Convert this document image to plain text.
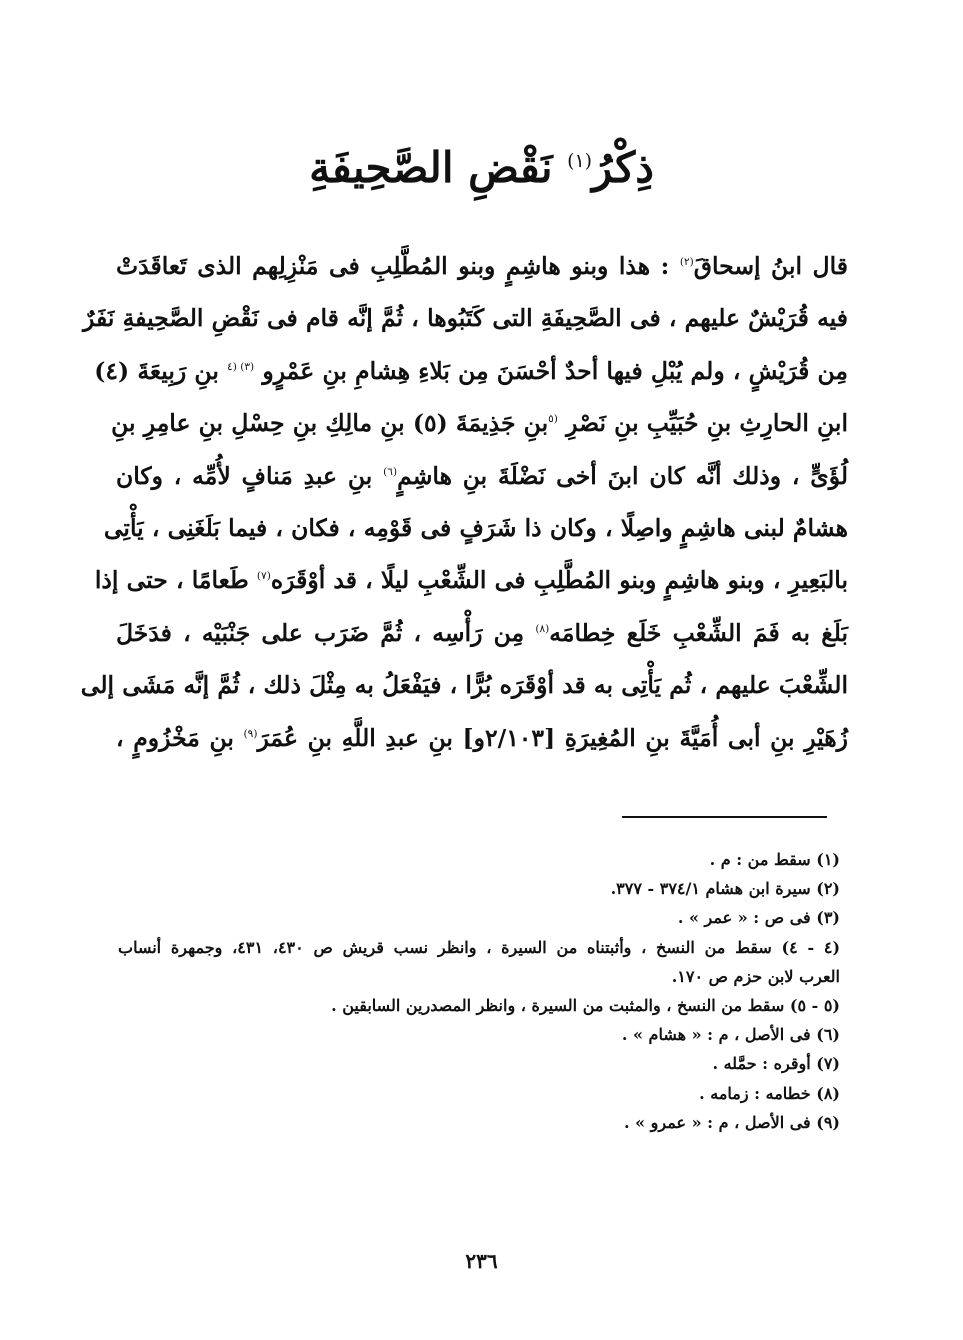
ذِكْرُ$^{(١)}$ نَقْضِ الصَّحِيفَةِ
قال ابنُ إسحاقَ$^{(٢)}$ : هذا وبنو هاشِمٍ وبنو المُطَّلِبِ فى مَنْزِلِهم الذى تَعاقَدَتْ
فيه قُرَيْشٌ عليهم ، فى الصَّحِيفَةِ التى كَتَبُوها ، ثُمَّ إنَّه قام فى نَقْضِ الصَّحِيفةِ نَفَرٌ
مِن قُرَيْشٍ ، ولم يُبْلِ فيها أحدٌ أحْسَنَ مِن بَلاءِ هِشامِ بنِ عَمْرٍو $^{(٣) (٤}$ بنِ رَبِيعَةَ (٤)
ابنِ الحارِثِ بنِ حُبَيِّبِ بنِ نَصْرِ $^{(٥}$بنِ جَذِيمَةَ (٥) بنِ مالِكِ بنِ حِسْلِ بنِ عامِرِ بنِ
لُؤَىٍّ ، وذلك أنَّه كان ابنَ أخى نَضْلَةَ بنِ هاشِمٍ$^{(٦)}$ بنِ عبدِ مَنافٍ لأُمِّه ، وكان
هشامٌ لبنى هاشِمٍ واصِلًا ، وكان ذا شَرَفٍ فى قَوْمِه ، فكان ، فيما بَلَغَنِى ، يَأْتِى
بالبَعِيرِ ، وبنو هاشِمٍ وبنو المُطَّلِبِ فى الشِّعْبِ ليلًا ، قد أوْقَرَه$^{(٧)}$ طَعامًا ، حتى إذا
بَلَغ به فَمَ الشِّعْبِ خَلَع خِطامَه$^{(٨)}$ مِن رَأْسِه ، ثُمَّ ضَرَب على جَنْبَيْه ، فدَخَلَ
الشِّعْبَ عليهم ، ثُم يَأْتِى به قد أوْقَرَه بُرًّا ، فيَفْعَلُ به مِثْلَ ذلك ، ثُمَّ إنَّه مَشَى إلى
زُهَيْرِ بنِ أبى أُمَيَّةَ بنِ المُغِيرَةِ [٢/١٠٣و] بنِ عبدِ اللَّهِ بنِ عُمَرَ$^{(٩)}$ بنِ مَخْزُومٍ ،
(١) سقط من : م .
(٢) سيرة ابن هشام ٣٧٤/١ - ٣٧٧.
(٣) فى ص : « عمر » .
(٤ - ٤) سقط من النسخ ، وأثبتناه من السيرة ، وانظر نسب قريش ص ٤٣٠، ٤٣١، وجمهرة أنساب
العرب لابن حزم ص ١٧٠.
(٥ - ٥) سقط من النسخ ، والمثبت من السيرة ، وانظر المصدرين السابقين .
(٦) فى الأصل ، م : « هشام » .
(٧) أوقره : حمَّله .
(٨) خطامه : زمامه .
(٩) فى الأصل ، م : « عمرو » .
٢٣٦
